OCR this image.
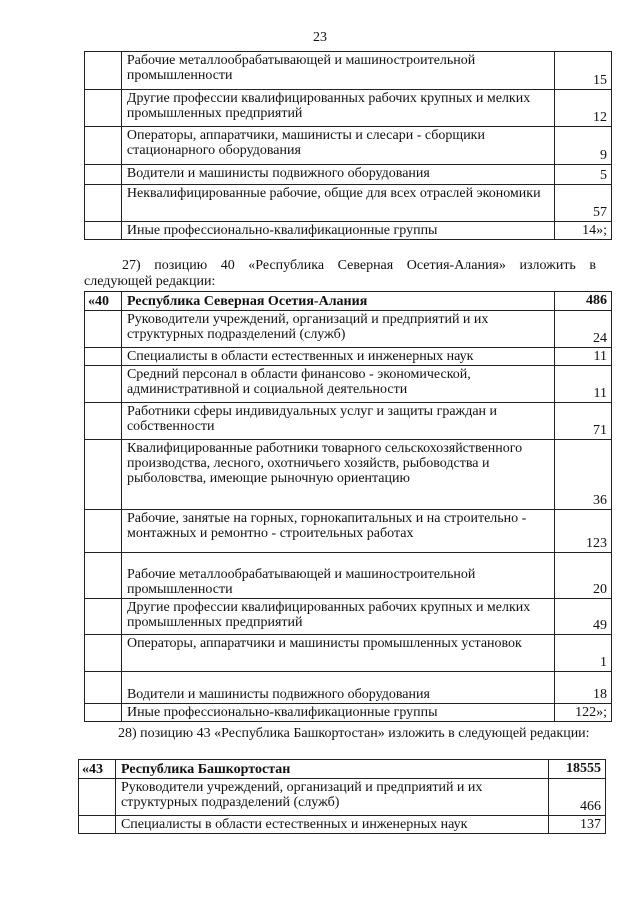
23
	Рабочие металлообрабатывающей и машиностроительной промышленности	15
	Другие профессии квалифицированных рабочих крупных и мелких промышленных предприятий	12
	Операторы, аппаратчики, машинисты и слесари - сборщики стационарного оборудования	9
	Водители и машинисты подвижного оборудования	5
	Неквалифицированные рабочие, общие для всех отраслей экономики	57
	Иные профессионально-квалификационные группы	14»;
27) позицию 40 «Республика Северная Осетия-Алания» изложить в следующей редакции:
«40	Республика Северная Осетия-Алания	486
	Руководители учреждений, организаций и предприятий и их структурных подразделений (служб)	24
	Специалисты в области естественных и инженерных наук	11
	Средний персонал в области финансово - экономической, административной и социальной деятельности	11
	Работники сферы индивидуальных услуг и защиты граждан и собственности	71
	Квалифицированные работники товарного сельскохозяйственного производства, лесного, охотничьего хозяйств, рыбоводства и рыболовства, имеющие рыночную ориентацию	36
	Рабочие, занятые на горных, горнокапитальных и на строительно - монтажных и ремонтно - строительных работах	123
	Рабочие металлообрабатывающей и машиностроительной промышленности	20
	Другие профессии квалифицированных рабочих крупных и мелких промышленных предприятий	49
	Операторы, аппаратчики и машинисты промышленных установок	1
	Водители и машинисты подвижного оборудования	18
	Иные профессионально-квалификационные группы	122»;
28) позицию 43 «Республика Башкортостан» изложить в следующей редакции:
«43	Республика Башкортостан	18555
	Руководители учреждений, организаций и предприятий и их структурных подразделений (служб)	466
	Специалисты в области естественных и инженерных наук	137
